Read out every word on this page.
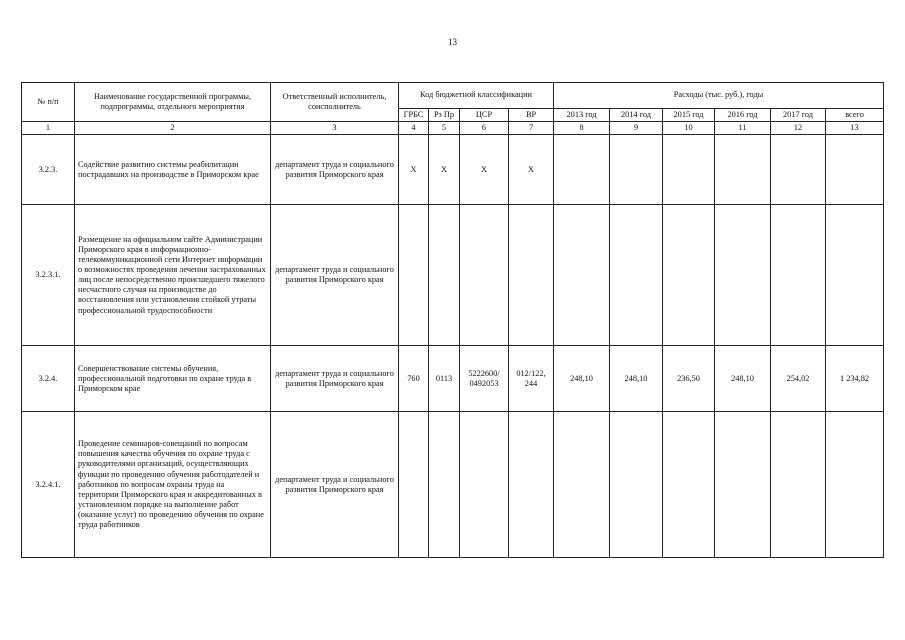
13
№ п/п	Наименование государственной программы, подпрограммы, отдельного мероприятия	Ответственный исполнитель, соисполнитель	Код бюджетной классификации				Расходы (тыс. руб.), годы					
			ГРБС	Рз Пр	ЦСР	ВР	2013 год	2014 год	2015 год	2016 год	2017 год	всего
1	2	3	4	5	6	7	8	9	10	11	12	13
3.2.3.	Содействие развитию системы реабилитации пострадавших на производстве в Приморском крае	департамент труда и социального развития Приморского края	Х	Х	Х	Х						
3.2.3.1.	Размещение на официальном сайте Администрации Приморского края в информационно-телекоммуникационной сети Интернет информации о возможностях проведения лечения застрахованных лиц после непосредственно происшедшего тяжелого несчастного случая на производстве до восстановления или установления стойкой утраты профессиональной трудоспособности	департамент труда и социального развития Приморского края										
3.2.4.	Совершенствование системы обучения, профессиональной подготовки по охране труда в Приморском крае	департамент труда и социального развития Приморского края	760	0113	5222600/ 0492053	012/122, 244	248,10	248,10	236,50	248,10	254,02	1 234,82
3.2.4.1.	Проведение семинаров-совещаний по вопросам повышения качества обучения по охране труда с руководителями организаций, осуществляющих функции по проведению обучения работодателей и работников по вопросам охраны труда на территории Приморского края и аккредитованных в установленном порядке на выполнение работ (оказание услуг) по проведению обучения по охране труда работников	департамент труда и социального развития Приморского края										
